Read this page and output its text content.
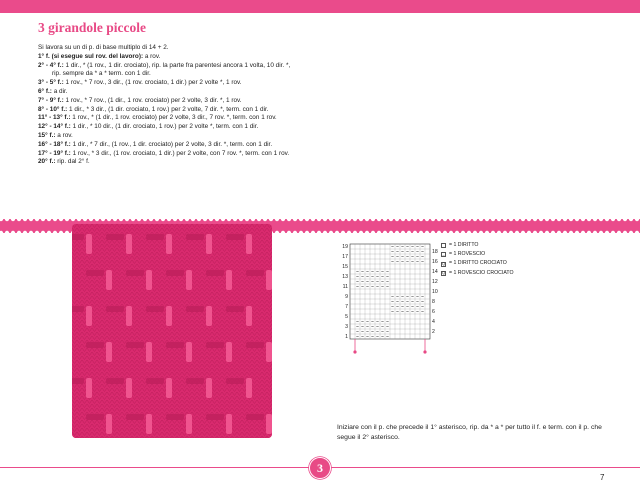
3 girandole piccole
Si lavora su un di p. di base multiplo di 14 + 2.
1° f. (si esegue sul rov. del lavoro): a rov.
2° - 4° f.: 1 dir., * (1 rov., 1 dir. crociato), rip. la parte fra parentesi ancora 1 volta, 10 dir. *,
rip. sempre da * a * term. con 1 dir.
3° - 5° f.: 1 rov., * 7 rov., 3 dir., (1 rov. crociato, 1 dir.) per 2 volte *, 1 rov.
6° f.: a dir.
7° - 9° f.: 1 rov., * 7 rov., (1 dir., 1 rov. crociato) per 2 volte, 3 dir. *, 1 rov.
8° - 10° f.: 1 dir., * 3 dir., (1 dir. crociato, 1 rov.) per 2 volte, 7 dir. *, term. con 1 dir.
11° - 13° f.: 1 rov., * (1 dir., 1 rov. crociato) per 2 volte, 3 dir., 7 rov. *, term. con 1 rov.
12° - 14° f.: 1 dir., * 10 dir., (1 dir. crociato, 1 rov.) per 2 volte *, term. con 1 dir.
15° f.: a rov.
16° - 18° f.: 1 dir., * 7 dir., (1 rov., 1 dir. crociato) per 2 volte, 3 dir. *, term. con 1 dir.
17° - 19° f.: 1 rov., * 3 dir., (1 rov. crociato, 1 dir.) per 2 volte, con 7 rov. *, term. con 1 rov.
20° f.: rip. dal 2° f.
19
17
15
13
11
9
7
5
3
1
18
16
14
12
10
8
6
4
2
= 1 DIRITTO
– = 1 ROVESCIO
Q = 1 DIRITTO CROCIATO
Q = 1 ROVESCIO CROCIATO
Iniziare con il p. che precede il 1° asterisco, rip. da * a * per tutto il f. e term. con il p. che segue il 2° asterisco.
3
7
